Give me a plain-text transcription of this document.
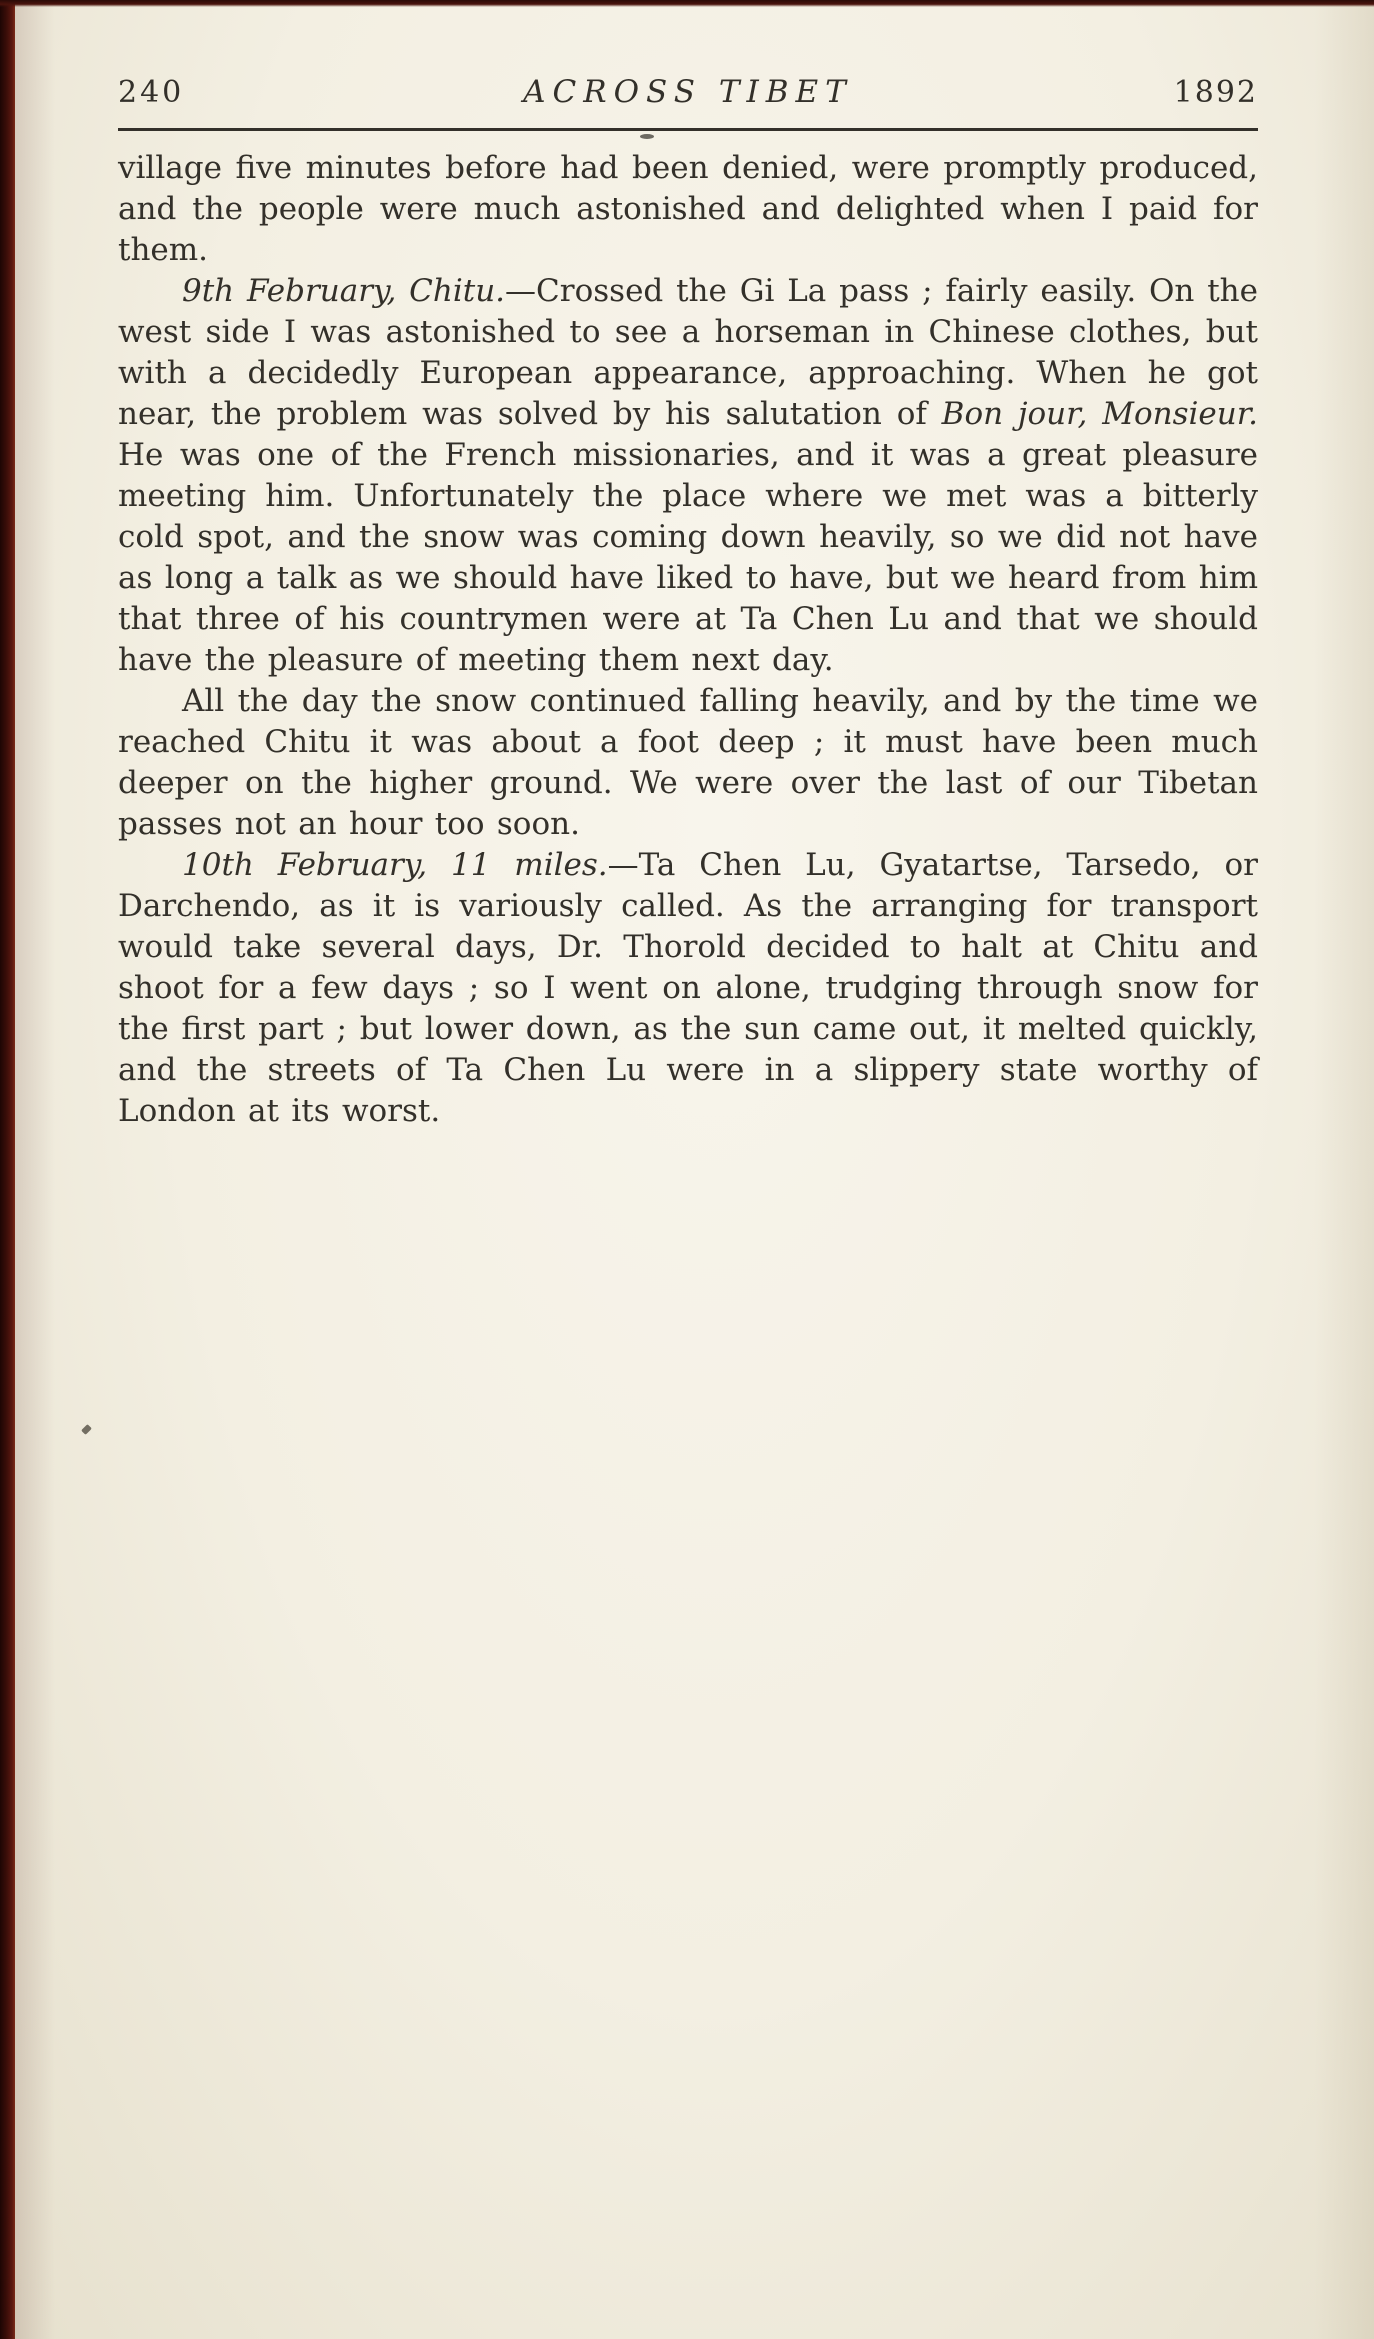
240	ACROSS TIBET	1892

village five minutes before had been denied, were promptly produced, and the people were much astonished and delighted when I paid for them.

9th February, Chitu.—Crossed the Gi La pass ; fairly easily. On the west side I was astonished to see a horseman in Chinese clothes, but with a decidedly European appearance, approaching. When he got near, the problem was solved by his salutation of Bon jour, Monsieur. He was one of the French missionaries, and it was a great pleasure meeting him. Unfortunately the place where we met was a bitterly cold spot, and the snow was coming down heavily, so we did not have as long a talk as we should have liked to have, but we heard from him that three of his countrymen were at Ta Chen Lu and that we should have the pleasure of meeting them next day.

All the day the snow continued falling heavily, and by the time we reached Chitu it was about a foot deep ; it must have been much deeper on the higher ground. We were over the last of our Tibetan passes not an hour too soon.

10th February, 11 miles.—Ta Chen Lu, Gyatartse, Tarsedo, or Darchendo, as it is variously called. As the arranging for transport would take several days, Dr. Thorold decided to halt at Chitu and shoot for a few days ; so I went on alone, trudging through snow for the first part ; but lower down, as the sun came out, it melted quickly, and the streets of Ta Chen Lu were in a slippery state worthy of London at its worst.
